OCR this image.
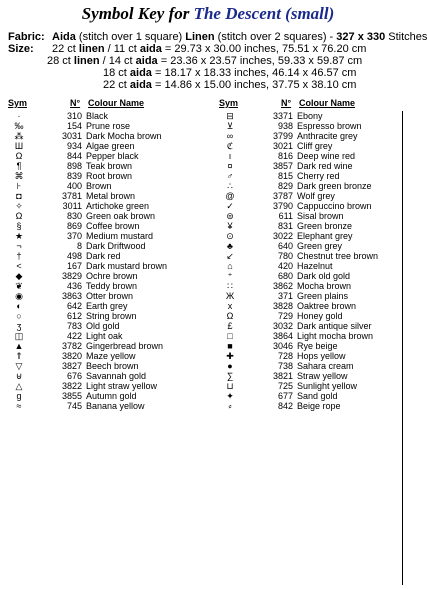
Symbol Key for The Descent (small)
Fabric: Aida (stitch over 1 square) Linen (stitch over 2 squares) - 327 x 330 Stitches
Size: 22 ct linen / 11 ct aida = 29.73 x 30.00 inches, 75.51 x 76.20 cm
28 ct linen / 14 ct aida = 23.36 x 23.57 inches, 59.33 x 59.87 cm
18 ct aida = 18.17 x 18.33 inches, 46.14 x 46.57 cm
22 ct aida = 14.86 x 15.00 inches, 37.75 x 38.10 cm
Sym	N° Colour Name	Sym	N° Colour Name
·	310 Black
‰	154 Prune rose
⁂	3031 Dark Mocha brown
Ш	934 Algae green
Ω	844 Pepper black
¶	898 Teak brown
⌘	839 Root brown
⊦	400 Brown
◘	3781 Metal brown
✧	3011 Artichoke green
Ω	830 Green oak brown
§	869 Coffee brown
★	370 Medium mustard
¬	8 Dark Driftwood
†	498 Dark red
<	167 Dark mustard brown
◆	3829 Ochre brown
❦	436 Teddy brown
◉	3863 Otter brown
◐	642 Earth grey
○	612 String brown
ʒ	783 Old gold
◫	422 Light oak
▲	3782 Gingerbread brown
⇑	3820 Maze yellow
▽	3827 Beech brown
⊎	676 Savannah gold
△	3822 Light straw yellow
g	3855 Autumn gold
≈	745 Banana yellow
⊟	3371 Ebony
⊻	938 Espresso brown
∞	3799 Anthracite grey
ℭ	3021 Cliff grey
ı	816 Deep wine red
¤	3857 Dark red wine
♂	815 Cherry red
∴	829 Dark green bronze
@	3787 Wolf grey
✓	3790 Cappuccino brown
⊜	611 Sisal brown
¥	831 Green bronze
⊙	3022 Elephant grey
♣	640 Green grey
↙	780 Chestnut tree brown
⌂	420 Hazelnut
⁺	680 Dark old gold
∷	3862 Mocha brown
Ж	371 Green plains
x	3828 Oaktree brown
Ω	729 Honey gold
£	3032 Dark antique silver
□	3864 Light mocha brown
■	3046 Rye beige
✚	728 Hops yellow
●	738 Sahara cream
∑	3821 Straw yellow
⊔	725 Sunlight yellow
✦	677 Sand gold
⸗	842 Beige rope
